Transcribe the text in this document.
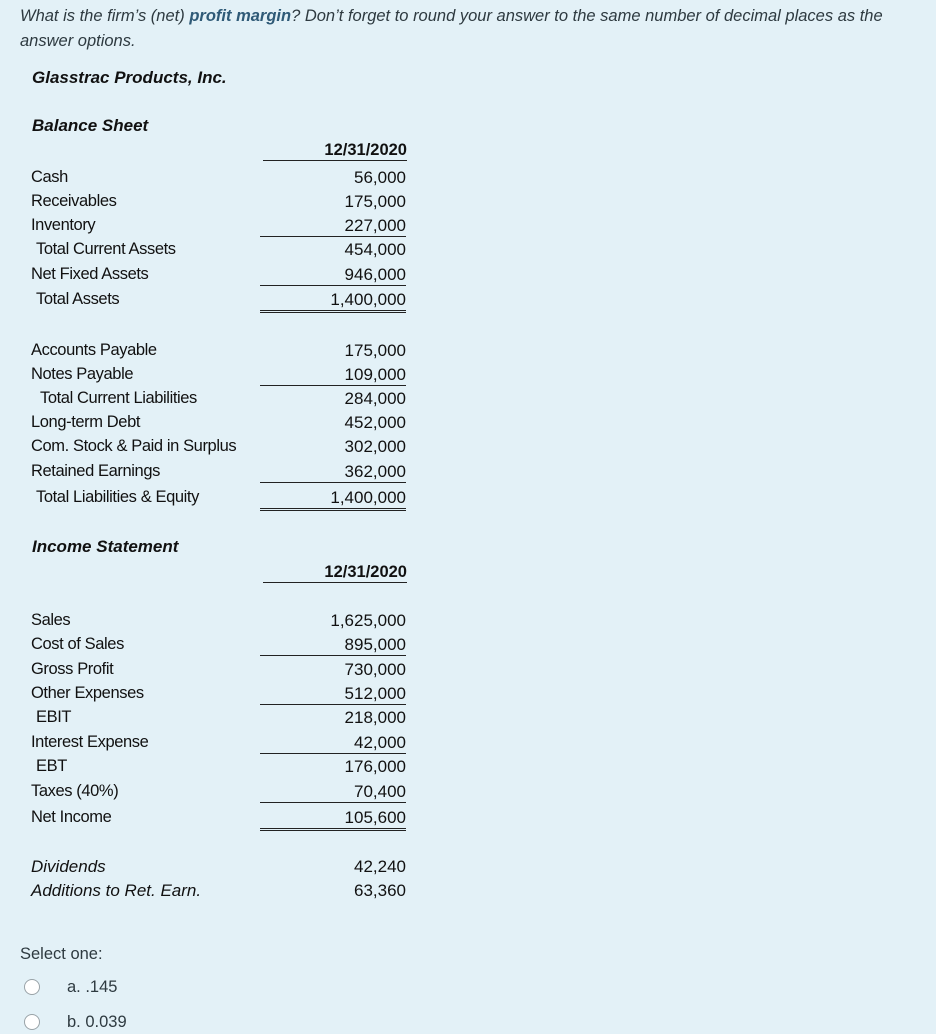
What is the firm’s (net) profit margin? Don’t forget to round your answer to the same number of decimal places as the answer options.
Glasstrac Products, Inc.
Balance Sheet
12/31/2020
Cash	56,000
Receivables	175,000
Inventory	227,000
Total Current Assets	454,000
Net Fixed Assets	946,000
Total Assets	1,400,000
Accounts Payable	175,000
Notes Payable	109,000
Total Current Liabilities	284,000
Long-term Debt	452,000
Com. Stock & Paid in Surplus	302,000
Retained Earnings	362,000
Total Liabilities & Equity	1,400,000
Income Statement
12/31/2020
Sales	1,625,000
Cost of Sales	895,000
Gross Profit	730,000
Other Expenses	512,000
EBIT	218,000
Interest Expense	42,000
EBT	176,000
Taxes (40%)	70,400
Net Income	105,600
Dividends	42,240
Additions to Ret. Earn.	63,360
Select one:
a. .145
b. 0.039
